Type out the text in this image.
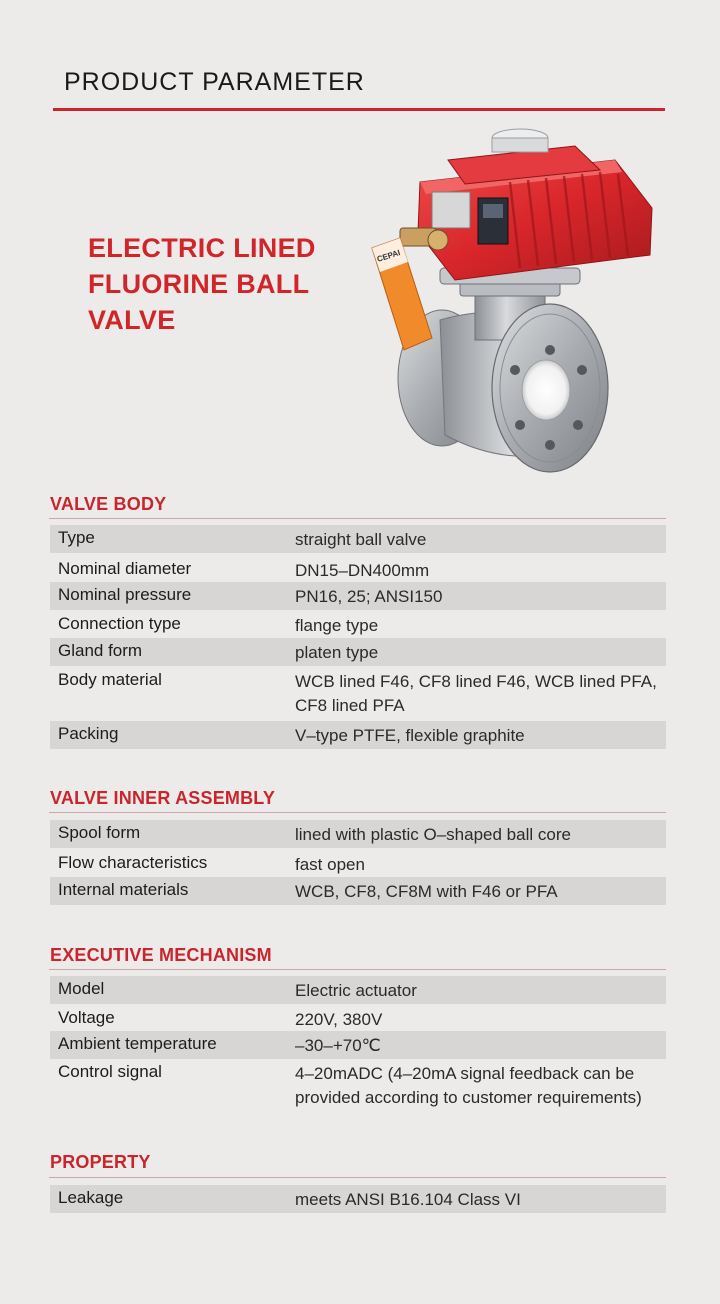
PRODUCT PARAMETER
ELECTRIC LINED
FLUORINE BALL
VALVE
CEPAI
VALVE BODY
Type	straight ball valve
Nominal diameter	DN15–DN400mm
Nominal pressure	PN16, 25; ANSI150
Connection type	flange type
Gland form	platen type
Body material	WCB lined F46, CF8 lined F46, WCB lined PFA, CF8 lined PFA
Packing	V–type PTFE, flexible graphite
VALVE INNER ASSEMBLY
Spool form	lined with plastic O–shaped ball core
Flow characteristics	fast open
Internal materials	WCB, CF8, CF8M with F46 or PFA
EXECUTIVE MECHANISM
Model	Electric actuator
Voltage	220V, 380V
Ambient temperature	–30–+70℃
Control signal	4–20mADC (4–20mA signal feedback can be provided according to customer requirements)
PROPERTY
Leakage	meets ANSI B16.104 Class VI
